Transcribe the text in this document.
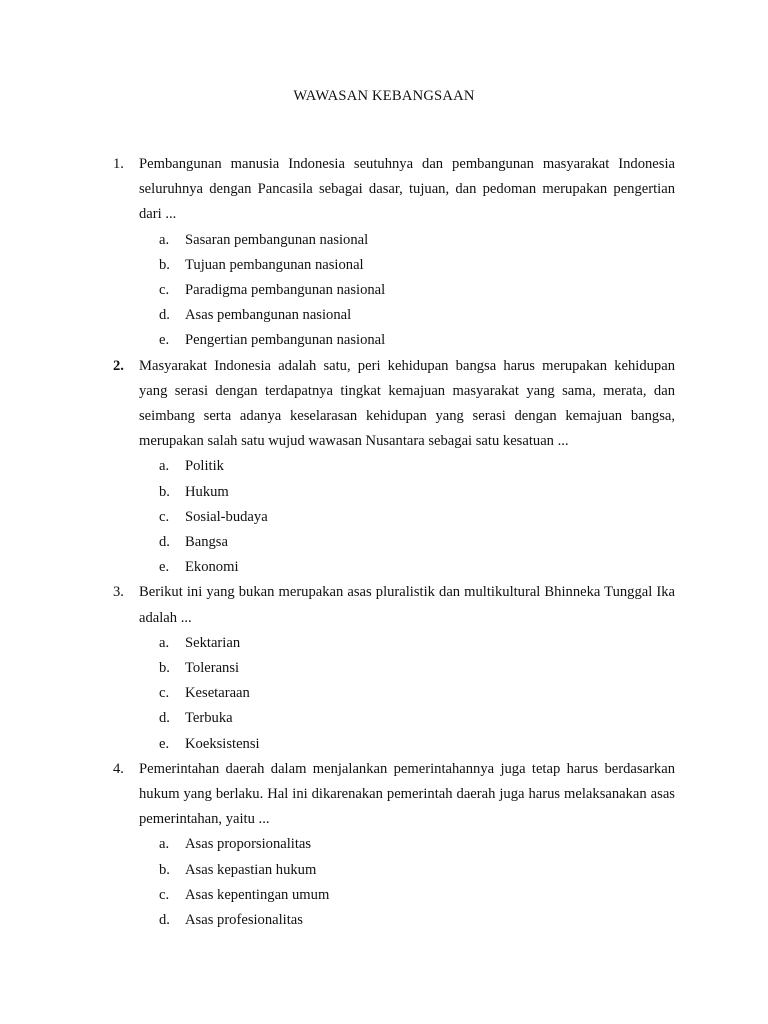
WAWASAN KEBANGSAAN
1. Pembangunan manusia Indonesia seutuhnya dan pembangunan masyarakat Indonesia seluruhnya dengan Pancasila sebagai dasar, tujuan, dan pedoman merupakan pengertian dari ...
a. Sasaran pembangunan nasional
b. Tujuan pembangunan nasional
c. Paradigma pembangunan nasional
d. Asas pembangunan nasional
e. Pengertian pembangunan nasional
2. Masyarakat Indonesia adalah satu, peri kehidupan bangsa harus merupakan kehidupan yang serasi dengan terdapatnya tingkat kemajuan masyarakat yang sama, merata, dan seimbang serta adanya keselarasan kehidupan yang serasi dengan kemajuan bangsa, merupakan salah satu wujud wawasan Nusantara sebagai satu kesatuan ...
a. Politik
b. Hukum
c. Sosial-budaya
d. Bangsa
e. Ekonomi
3. Berikut ini yang bukan merupakan asas pluralistik dan multikultural Bhinneka Tunggal Ika adalah ...
a. Sektarian
b. Toleransi
c. Kesetaraan
d. Terbuka
e. Koeksistensi
4. Pemerintahan daerah dalam menjalankan pemerintahannya juga tetap harus berdasarkan hukum yang berlaku. Hal ini dikarenakan pemerintah daerah juga harus melaksanakan asas pemerintahan, yaitu ...
a. Asas proporsionalitas
b. Asas kepastian hukum
c. Asas kepentingan umum
d. Asas profesionalitas
